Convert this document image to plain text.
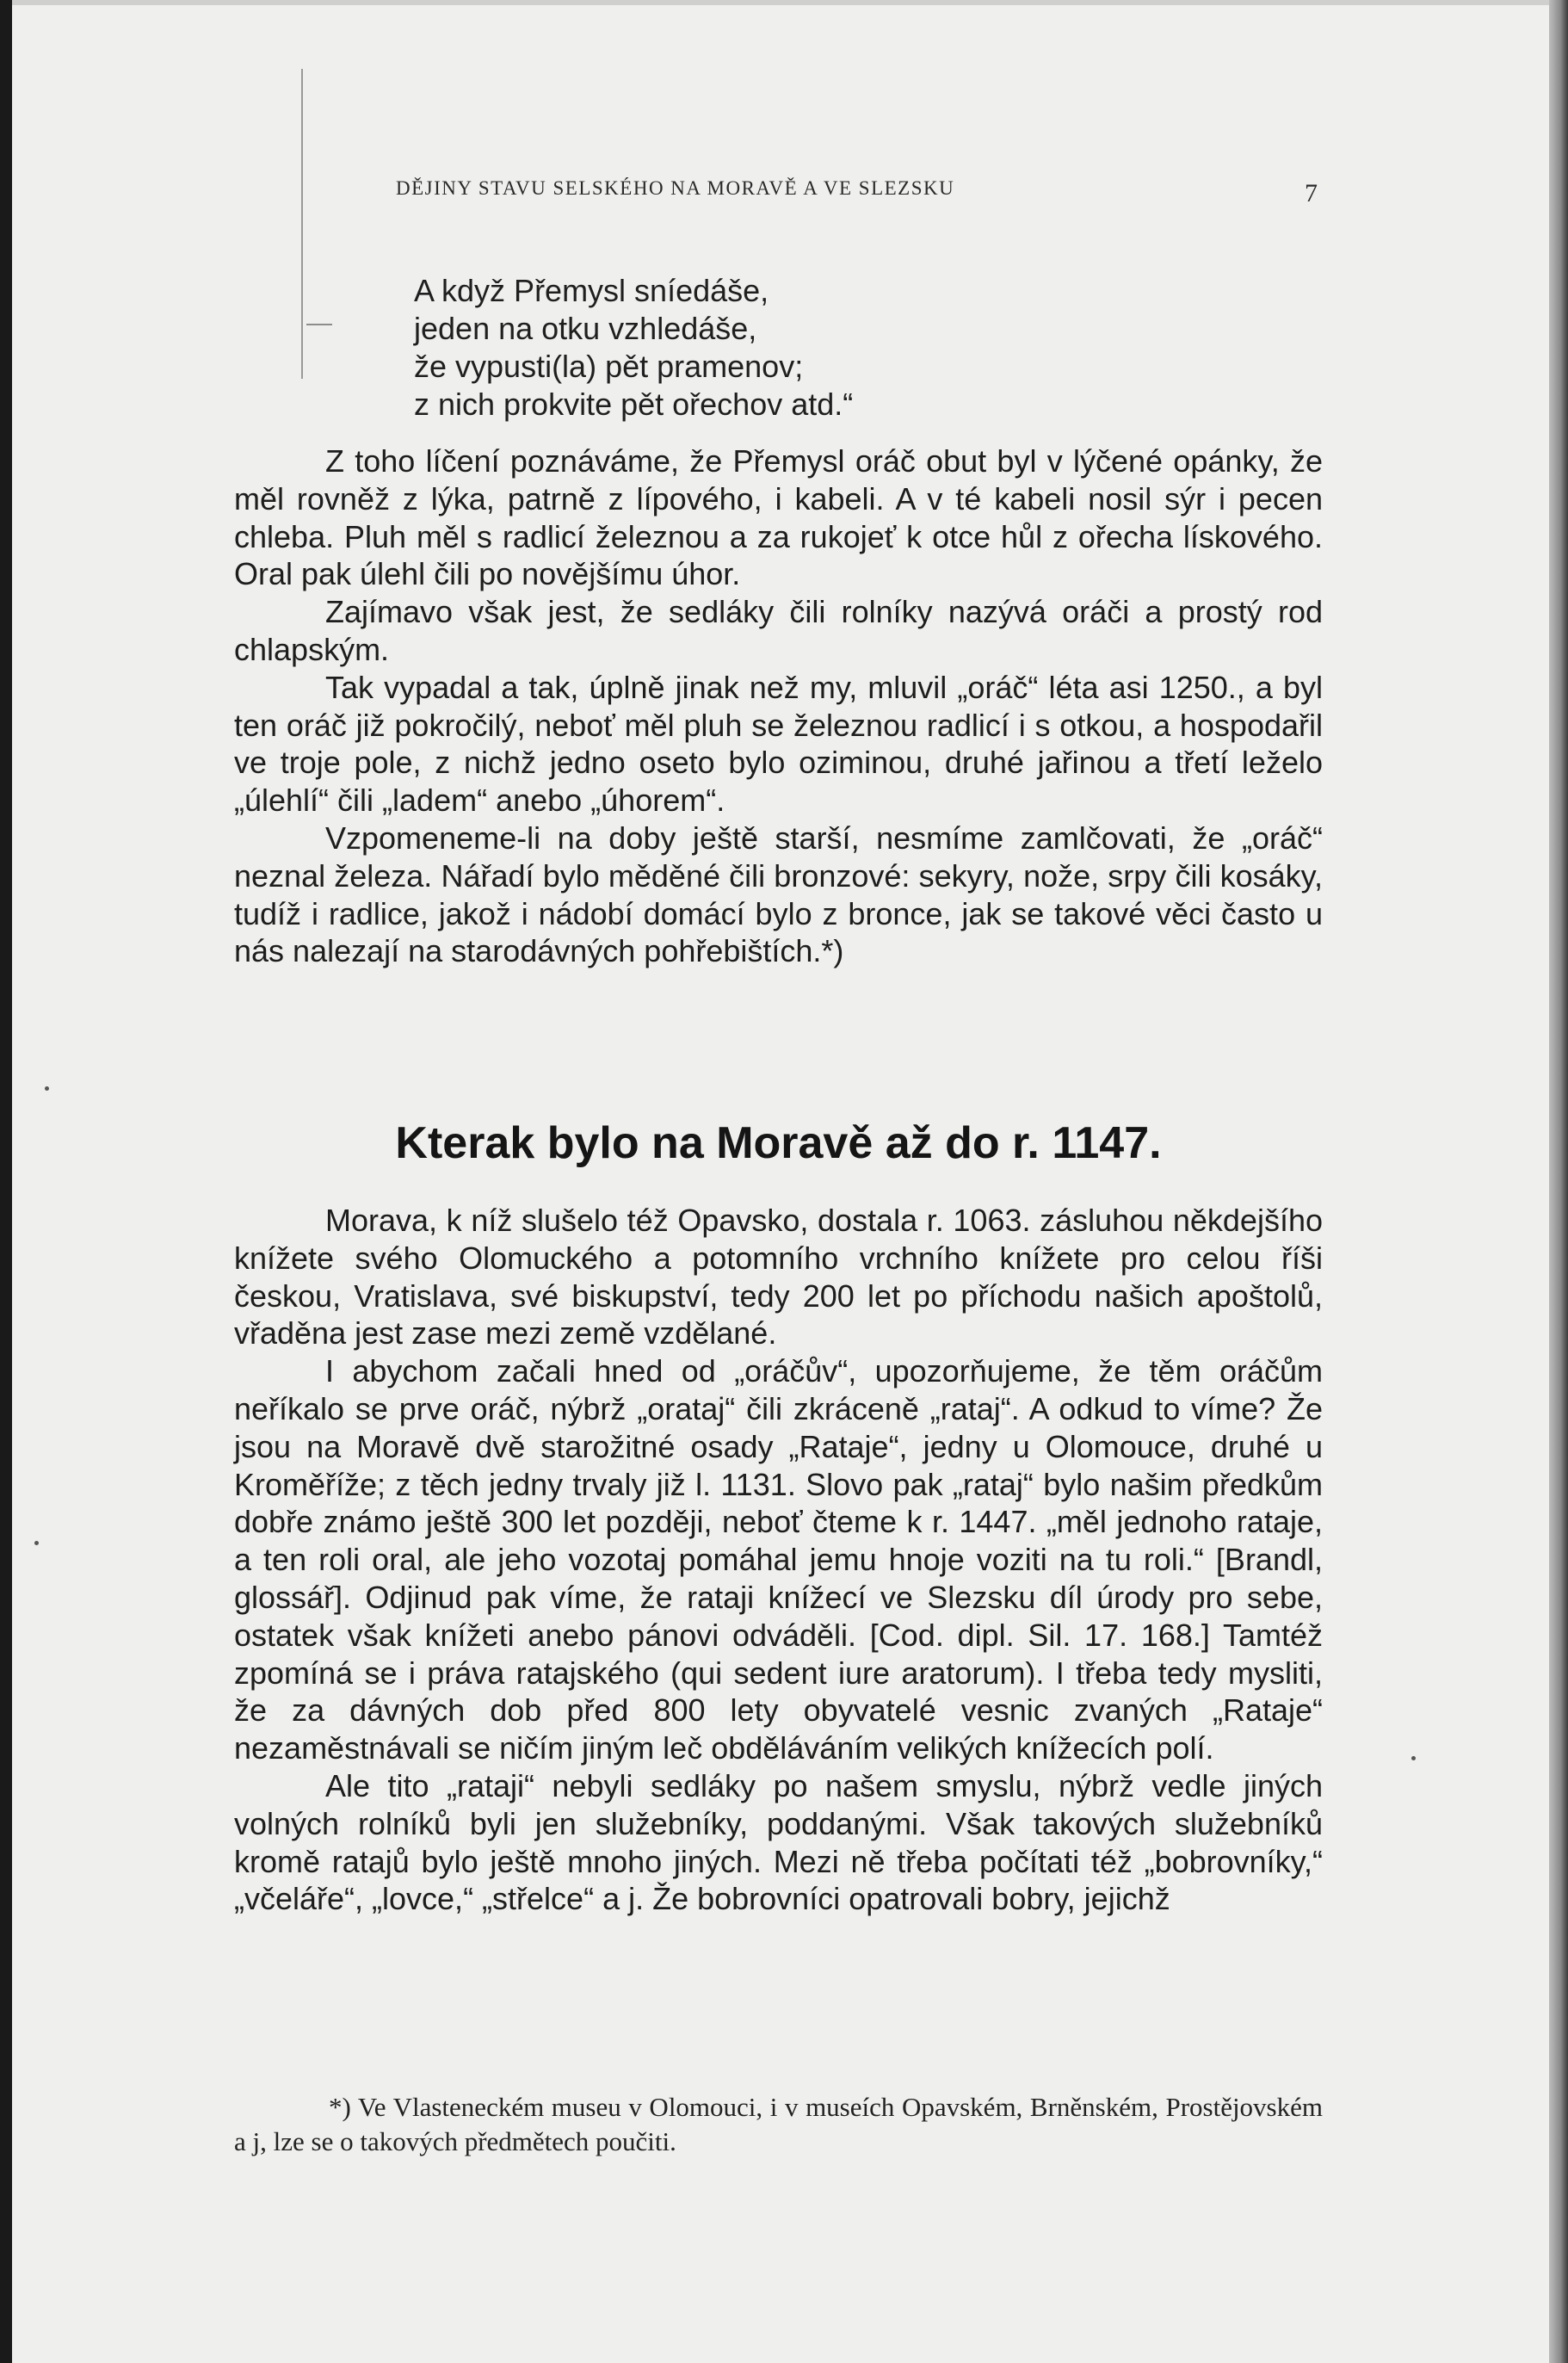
DĚJINY STAVU SELSKÉHO NA MORAVĚ A VE SLEZSKU	7
A když Přemysl sníedáše,
jeden na otku vzhledáše,
že vypusti(la) pět pramenov;
z nich prokvite pět ořechov atd.“

Z toho líčení poznáváme, že Přemysl oráč obut byl v lýčené opánky, že měl rovněž z lýka, patrně z lípového, i kabeli. A v té kabeli nosil sýr i pecen chleba. Pluh měl s radlicí železnou a za rukojeť k otce hůl z ořecha lískového. Oral pak úlehl čili po novějšímu úhor.

Zajímavo však jest, že sedláky čili rolníky nazývá oráči a prostý rod chlapským.

Tak vypadal a tak, úplně jinak než my, mluvil „oráč“ léta asi 1250., a byl ten oráč již pokročilý, neboť měl pluh se železnou radlicí i s otkou, a hospodařil ve troje pole, z nichž jedno oseto bylo oziminou, druhé jařinou a třetí leželo „úlehlí“ čili „ladem“ anebo „úhorem“.

Vzpomeneme-li na doby ještě starší, nesmíme zamlčovati, že „oráč“ neznal železa. Nářadí bylo měděné čili bronzové: sekyry, nože, srpy čili kosáky, tudíž i radlice, jakož i nádobí domácí bylo z bronce, jak se takové věci často u nás nalezají na starodávných pohřebištích.*)

Kterak bylo na Moravě až do r. 1147.

Morava, k níž slušelo též Opavsko, dostala r. 1063. zásluhou někdejšího knížete svého Olomuckého a potomního vrchního knížete pro celou říši českou, Vratislava, své biskupství, tedy 200 let po příchodu našich apoštolů, vřaděna jest zase mezi země vzdělané.

I abychom začali hned od „oráčův“, upozorňujeme, že těm oráčům neříkalo se prve oráč, nýbrž „oratај“ čili zkráceně „rataj“. A odkud to víme? Že jsou na Moravě dvě starožitné osady „Rataje“, jedny u Olomouce, druhé u Kroměříže; z těch jedny trvaly již l. 1131. Slovo pak „rataj“ bylo našim předkům dobře známo ještě 300 let později, neboť čteme k r. 1447. „měl jednoho rataje, a ten roli oral, ale jeho vozotaj pomáhal jemu hnoje voziti na tu roli.“ [Brandl, glossář]. Odjinud pak víme, že rataji knížecí ve Slezsku díl úrody pro sebe, ostatek však knížeti anebo pánovi odváděli. [Cod. dipl. Sil. 17. 168.] Tamtéž zpomíná se i práva ratajského (qui sedent iure aratorum). I třeba tedy mysliti, že za dávných dob před 800 lety obyvatelé vesnic zvaných „Rataje“ nezaměstnávali se ničím jiným leč obděláváním velikých knížecích polí.

Ale tito „rataji“ nebyli sedláky po našem smyslu, nýbrž vedle jiných volných rolníků byli jen služebníky, poddanými. Však takových služebníků kromě ratajů bylo ještě mnoho jiných. Mezi ně třeba počítati též „bobrovníky,“ „včeláře“, „lovce,“ „střelce“ a j. Že bobrovníci opatrovali bobry, jejichž

*) Ve Vlasteneckém museu v Olomouci, i v museích Opavském, Brněnském, Prostějovském a j, lze se o takových předmětech poučiti.
